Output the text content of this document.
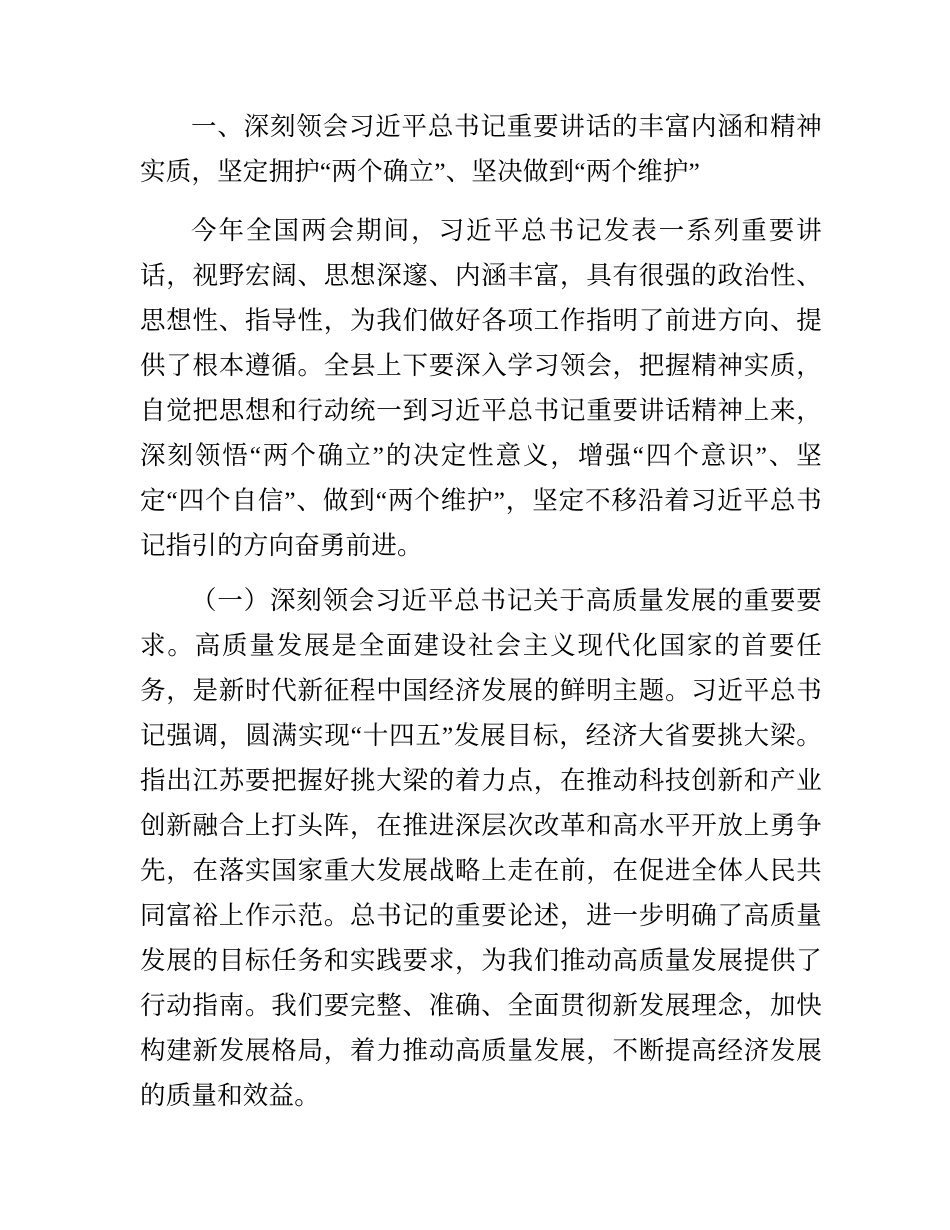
一、深刻领会习近平总书记重要讲话的丰富内涵和精神实质，坚定拥护“两个确立”、坚决做到“两个维护”

今年全国两会期间，习近平总书记发表一系列重要讲话，视野宏阔、思想深邃、内涵丰富，具有很强的政治性、思想性、指导性，为我们做好各项工作指明了前进方向、提供了根本遵循。全县上下要深入学习领会，把握精神实质，自觉把思想和行动统一到习近平总书记重要讲话精神上来，深刻领悟“两个确立”的决定性意义，增强“四个意识”、坚定“四个自信”、做到“两个维护”，坚定不移沿着习近平总书记指引的方向奋勇前进。

（一）深刻领会习近平总书记关于高质量发展的重要要求。高质量发展是全面建设社会主义现代化国家的首要任务，是新时代新征程中国经济发展的鲜明主题。习近平总书记强调，圆满实现“十四五”发展目标，经济大省要挑大梁。指出江苏要把握好挑大梁的着力点，在推动科技创新和产业创新融合上打头阵，在推进深层次改革和高水平开放上勇争先，在落实国家重大发展战略上走在前，在促进全体人民共同富裕上作示范。总书记的重要论述，进一步明确了高质量发展的目标任务和实践要求，为我们推动高质量发展提供了行动指南。我们要完整、准确、全面贯彻新发展理念，加快构建新发展格局，着力推动高质量发展，不断提高经济发展的质量和效益。
